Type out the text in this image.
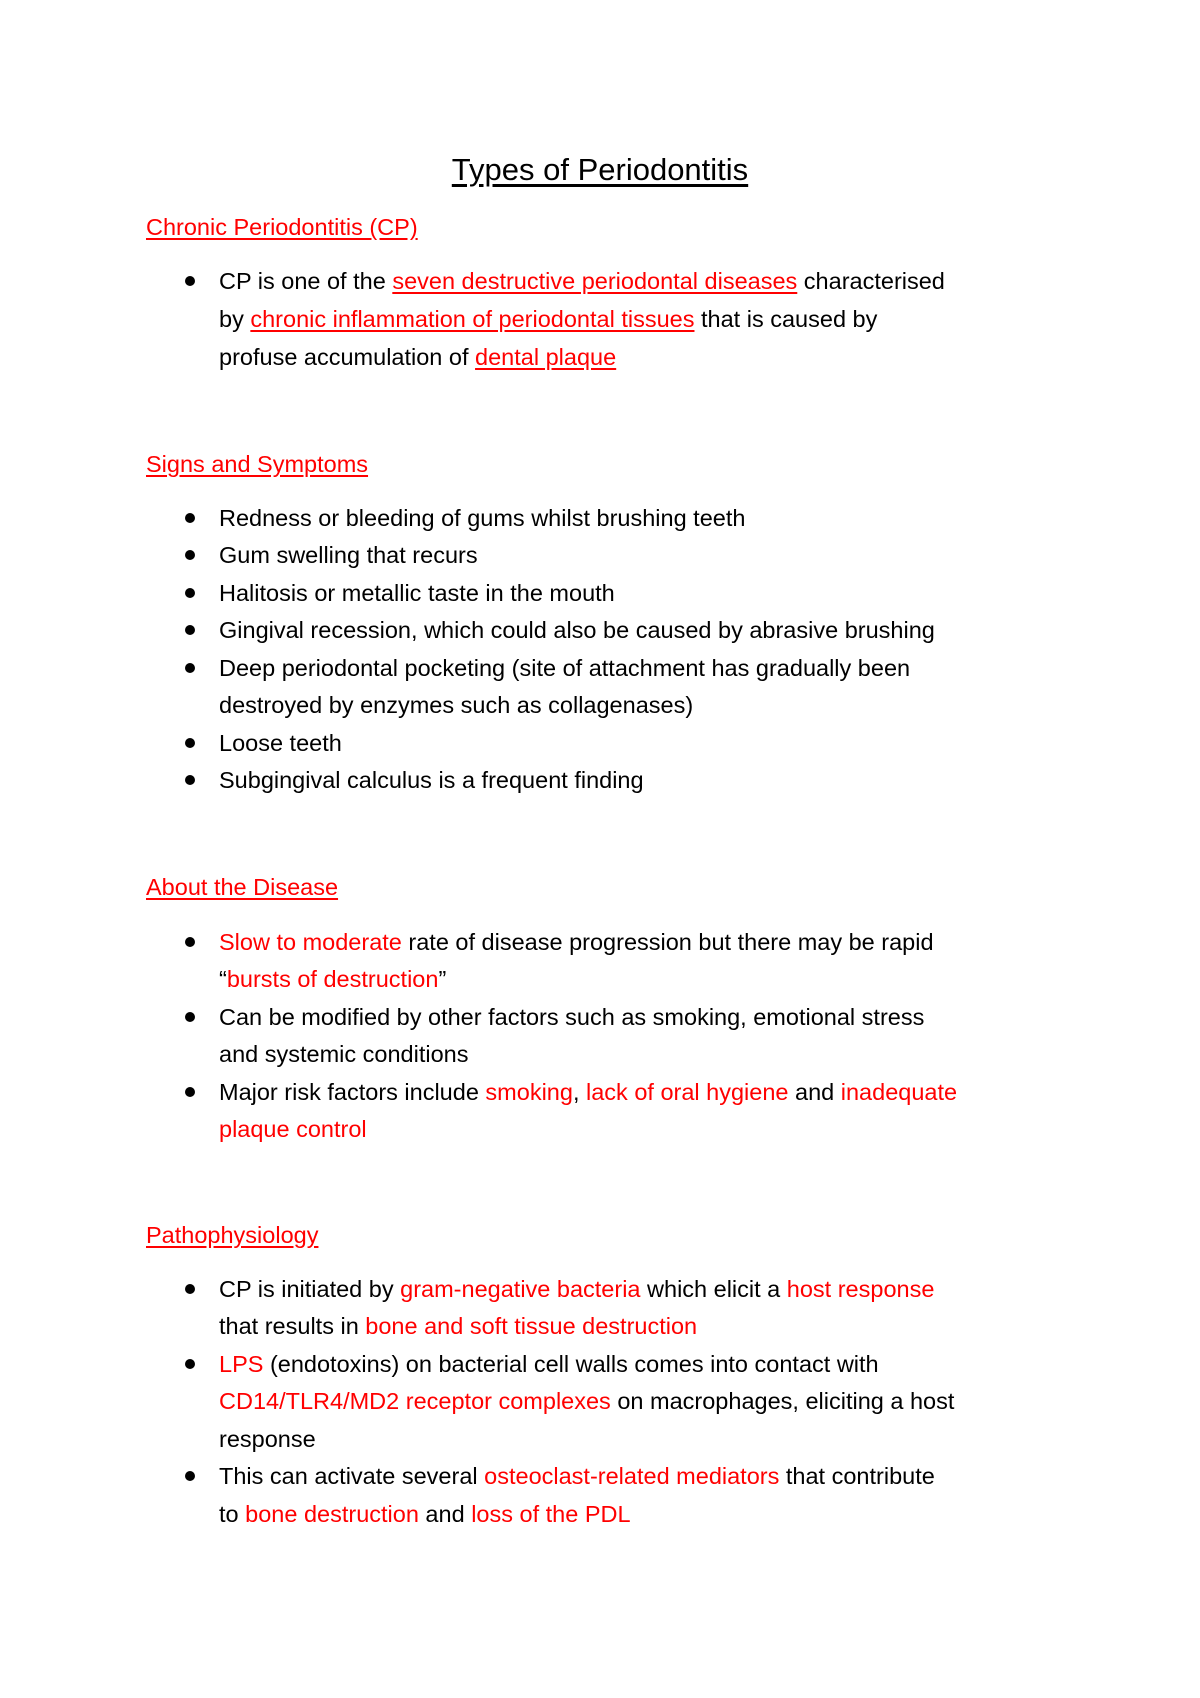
Types of Periodontitis
Chronic Periodontitis (CP)
CP is one of the seven destructive periodontal diseases characterised
by chronic inflammation of periodontal tissues that is caused by
profuse accumulation of dental plaque
Signs and Symptoms
Redness or bleeding of gums whilst brushing teeth
Gum swelling that recurs
Halitosis or metallic taste in the mouth
Gingival recession, which could also be caused by abrasive brushing
Deep periodontal pocketing (site of attachment has gradually been
destroyed by enzymes such as collagenases)
Loose teeth
Subgingival calculus is a frequent finding
About the Disease
Slow to moderate rate of disease progression but there may be rapid
“bursts of destruction”
Can be modified by other factors such as smoking, emotional stress
and systemic conditions
Major risk factors include smoking, lack of oral hygiene and inadequate
plaque control
Pathophysiology
CP is initiated by gram-negative bacteria which elicit a host response
that results in bone and soft tissue destruction
LPS (endotoxins) on bacterial cell walls comes into contact with
CD14/TLR4/MD2 receptor complexes on macrophages, eliciting a host
response
This can activate several osteoclast-related mediators that contribute
to bone destruction and loss of the PDL
